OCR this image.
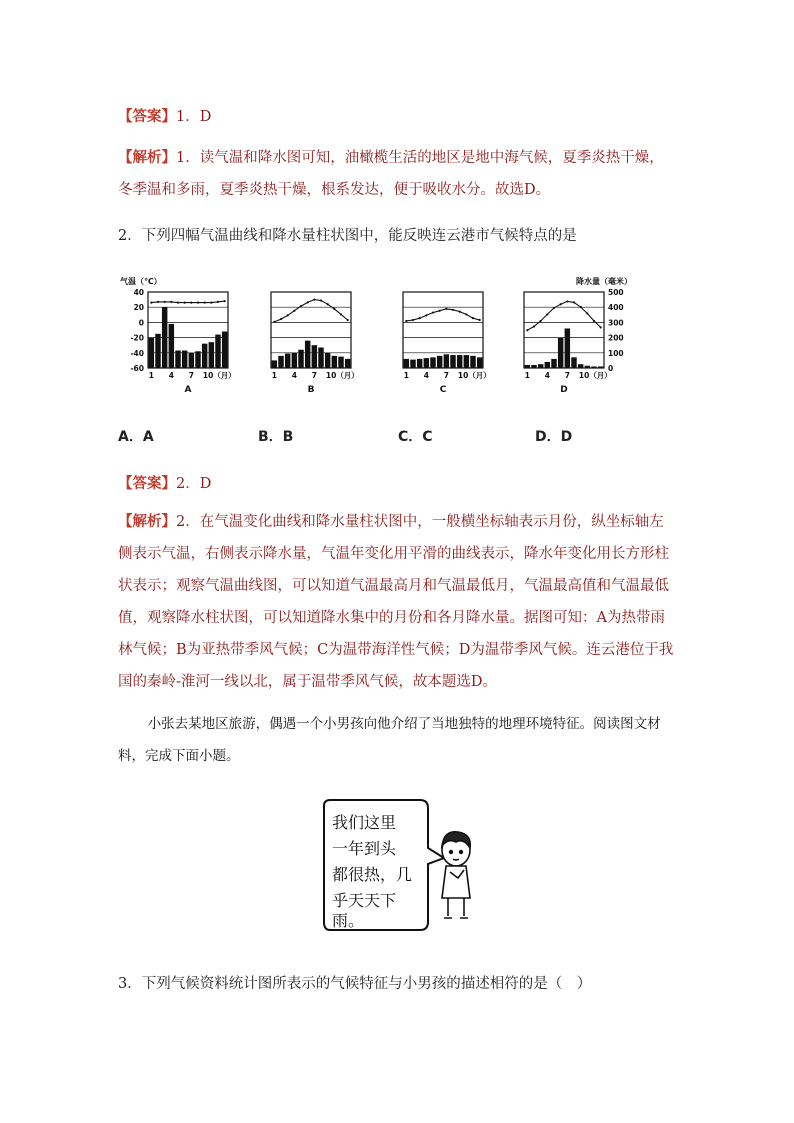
【答案】1．D
【解析】1．读气温和降水图可知，油橄榄生活的地区是地中海气候，夏季炎热干燥，冬季温和多雨，夏季炎热干燥，根系发达，便于吸收水分。故选D。
2．下列四幅气温曲线和降水量柱状图中，能反映连云港市气候特点的是
1 4 7 10（月）
A
1 4 7 10（月）
B
1 4 7 10（月）
C
1 4 7 10（月）
D
气温（℃）
40
20
0
-20
-40
-60
降水量（毫米）
500
400
300
200
100
0
A．A	B．B	C．C	D．D
【答案】2．D
【解析】2．在气温变化曲线和降水量柱状图中，一般横坐标轴表示月份，纵坐标轴左侧表示气温，右侧表示降水量，气温年变化用平滑的曲线表示，降水年变化用长方形柱状表示；观察气温曲线图，可以知道气温最高月和气温最低月，气温最高值和气温最低值，观察降水柱状图，可以知道降水集中的月份和各月降水量。据图可知：A为热带雨林气候；B为亚热带季风气候；C为温带海洋性气候；D为温带季风气候。连云港位于我国的秦岭-淮河一线以北，属于温带季风气候，故本题选D。
小张去某地区旅游，偶遇一个小男孩向他介绍了当地独特的地理环境特征。阅读图文材料，完成下面小题。
我们这里
一年到头
都很热，几
乎天天下
雨。
3．下列气候资料统计图所表示的气候特征与小男孩的描述相符的是（　）
